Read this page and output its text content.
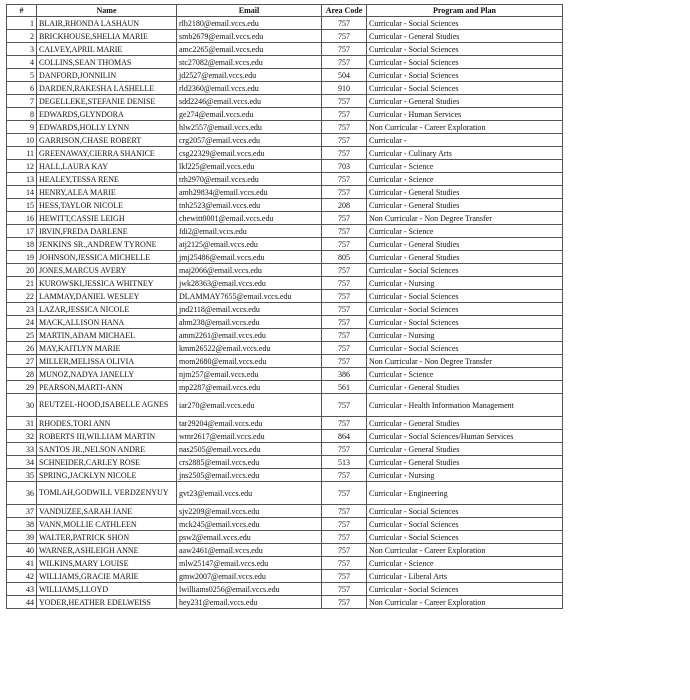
#	Name	Email	Area Code	Program and Plan
1	BLAIR,RHONDA LASHAUN	rlb2180@email.vccs.edu	757	Curricular - Social Sciences
2	BRICKHOUSE,SHELIA MARIE	smb2679@email.vccs.edu	757	Curricular - General Studies
3	CALVEY,APRIL MARIE	amc2265@email.vccs.edu	757	Curricular - Social Sciences
4	COLLINS,SEAN THOMAS	stc27082@email.vccs.edu	757	Curricular - Social Sciences
5	DANFORD,JONNILIN	jd2527@email.vccs.edu	504	Curricular - Social Sciences
6	DARDEN,RAKESHA LASHELLE	rld2360@email.vccs.edu	910	Curricular - Social Sciences
7	DEGELLEKE,STEFANIE DENISE	sdd2246@email.vccs.edu	757	Curricular - General Studies
8	EDWARDS,GLYNDORA	ge274@email.vccs.edu	757	Curricular - Human Services
9	EDWARDS,HOLLY LYNN	hlw2557@email.vccs.edu	757	Non Curricular - Career Exploration
10	GARRISON,CHASE ROBERT	crg2057@email.vccs.edu	757	Curricular -
11	GREENAWAY,CIERRA SHANICE	csg22329@email.vccs.edu	757	Curricular - Culinary Arts
12	HALL,LAURA KAY	lkl225@email.vccs.edu	703	Curricular - Science
13	HEALEY,TESSA RENE	trh2970@email.vccs.edu	757	Curricular - Science
14	HENRY,ALEA MARIE	amh29834@email.vccs.edu	757	Curricular - General Studies
15	HESS,TAYLOR NICOLE	tnh2523@email.vccs.edu	208	Curricular - General Studies
16	HEWITT,CASSIE LEIGH	chewitt0001@email.vccs.edu	757	Non Curricular - Non Degree Transfer
17	IRVIN,FREDA DARLENE	fdi2@email.vccs.edu	757	Curricular - Science
18	JENKINS SR.,ANDREW TYRONE	atj2125@email.vccs.edu	757	Curricular - General Studies
19	JOHNSON,JESSICA MICHELLE	jmj25486@email.vccs.edu	805	Curricular - General Studies
20	JONES,MARCUS AVERY	maj2066@email.vccs.edu	757	Curricular - Social Sciences
21	KUROWSKI,JESSICA WHITNEY	jwk28363@email.vccs.edu	757	Curricular - Nursing
22	LAMMAY,DANIEL WESLEY	DLAMMAY7655@email.vccs.edu	757	Curricular - Social Sciences
23	LAZAR,JESSICA NICOLE	jnd2118@email.vccs.edu	757	Curricular - Social Sciences
24	MACK,ALLISON HANA	ahm238@email.vccs.edu	757	Curricular - Social Sciences
25	MARTIN,ADAM MICHAEL	amm2261@email.vccs.edu	757	Curricular - Nursing
26	MAY,KAITLYN MARIE	kmm26522@email.vccs.edu	757	Curricular - Social Sciences
27	MILLER,MELISSA OLIVIA	mom2680@email.vccs.edu	757	Non Curricular - Non Degree Transfer
28	MUNOZ,NADYA JANELLY	njm257@email.vccs.edu	386	Curricular - Science
29	PEARSON,MARTI-ANN	mp2287@email.vccs.edu	561	Curricular - General Studies
30	REUTZEL-HOOD,ISABELLE AGNES	iar270@email.vccs.edu	757	Curricular - Health Information Management
31	RHODES,TORI ANN	tar29204@email.vccs.edu	757	Curricular - General Studies
32	ROBERTS III,WILLIAM MARTIN	wmr2617@email.vccs.edu	864	Curricular - Social Sciences/Human Services
33	SANTOS JR.,NELSON ANDRE	nas2505@email.vccs.edu	757	Curricular - General Studies
34	SCHNEIDER,CARLEY ROSE	crs2885@email.vccs.edu	513	Curricular - General Studies
35	SPRING,JACKLYN NICOLE	jns2505@email.vccs.edu	757	Curricular - Nursing
36	TOMLAH,GODWILL VERDZENYUY	gvt23@email.vccs.edu	757	Curricular - Engineering
37	VANDUZEE,SARAH JANE	sjv2209@email.vccs.edu	757	Curricular - Social Sciences
38	VANN,MOLLIE CATHLEEN	mck245@email.vccs.edu	757	Curricular - Social Sciences
39	WALTER,PATRICK SHON	psw2@email.vccs.edu	757	Curricular - Social Sciences
40	WARNER,ASHLEIGH ANNE	aaw2461@email.vccs.edu	757	Non Curricular - Career Exploration
41	WILKINS,MARY LOUISE	mlw25147@email.vccs.edu	757	Curricular - Science
42	WILLIAMS,GRACIE MARIE	gmw2007@email.vccs.edu	757	Curricular - Liberal Arts
43	WILLIAMS,LLOYD	lwilliams0256@email.vccs.edu	757	Curricular - Social Sciences
44	YODER,HEATHER EDELWEISS	hey231@email.vccs.edu	757	Non Curricular - Career Exploration
